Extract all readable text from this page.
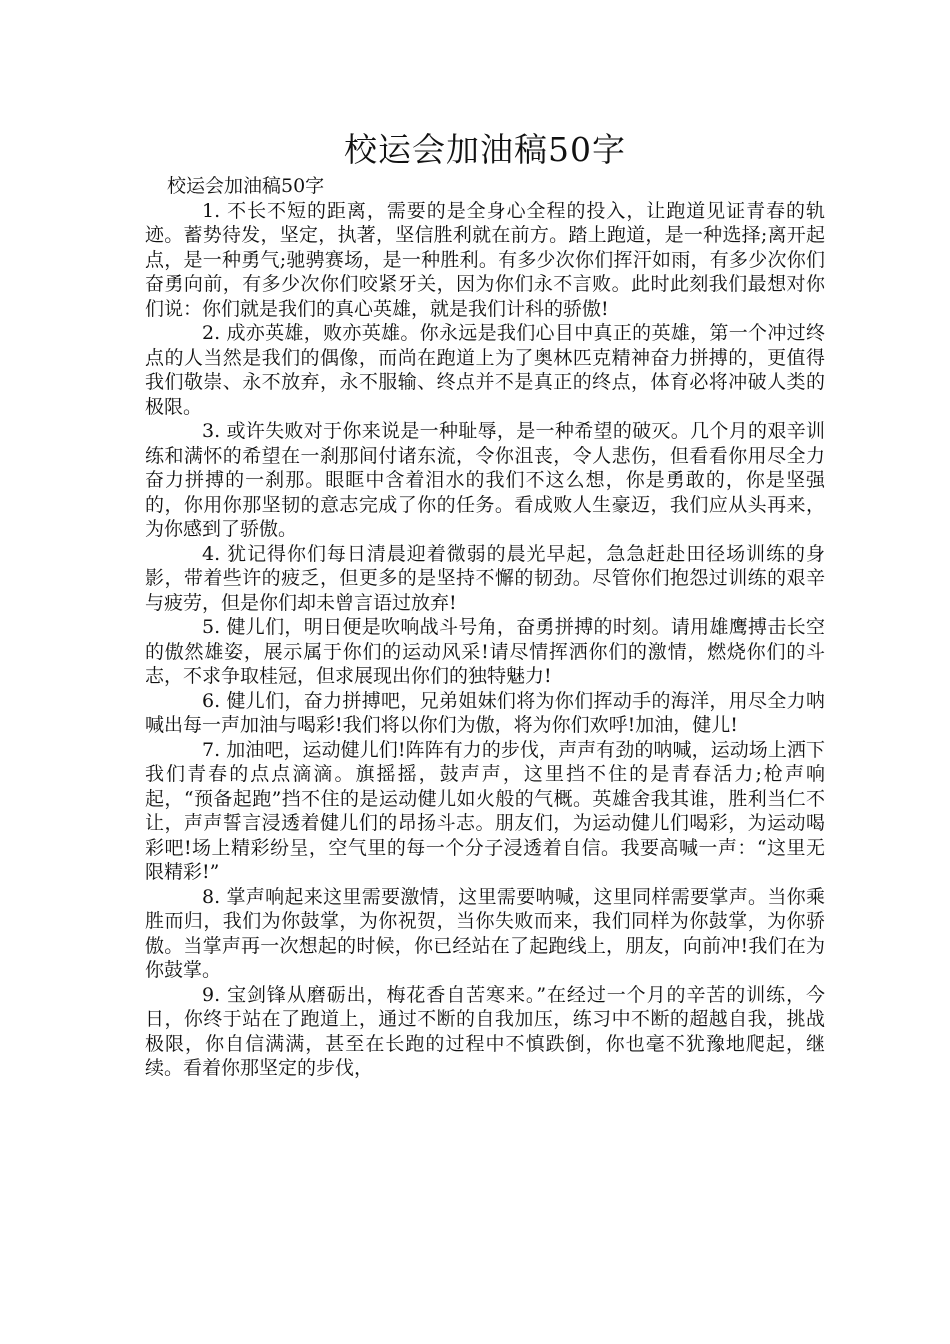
校运会加油稿50字

校运会加油稿50字

1. 不长不短的距离，需要的是全身心全程的投入，让跑道见证青春的轨迹。蓄势待发，坚定，执著，坚信胜利就在前方。踏上跑道，是一种选择;离开起点，是一种勇气;驰骋赛场，是一种胜利。有多少次你们挥汗如雨，有多少次你们奋勇向前，有多少次你们咬紧牙关，因为你们永不言败。此时此刻我们最想对你们说：你们就是我们的真心英雄，就是我们计科的骄傲!

2. 成亦英雄，败亦英雄。你永远是我们心目中真正的英雄，第一个冲过终点的人当然是我们的偶像，而尚在跑道上为了奥林匹克精神奋力拼搏的，更值得我们敬崇、永不放弃，永不服输、终点并不是真正的终点，体育必将冲破人类的极限。

3. 或许失败对于你来说是一种耻辱，是一种希望的破灭。几个月的艰辛训练和满怀的希望在一刹那间付诸东流，令你沮丧，令人悲伤，但看看你用尽全力奋力拼搏的一刹那。眼眶中含着泪水的我们不这么想，你是勇敢的，你是坚强的，你用你那坚韧的意志完成了你的任务。看成败人生豪迈，我们应从头再来，为你感到了骄傲。

4. 犹记得你们每日清晨迎着微弱的晨光早起，急急赶赴田径场训练的身影，带着些许的疲乏，但更多的是坚持不懈的韧劲。尽管你们抱怨过训练的艰辛与疲劳，但是你们却未曾言语过放弃!

5. 健儿们，明日便是吹响战斗号角，奋勇拼搏的时刻。请用雄鹰搏击长空的傲然雄姿，展示属于你们的运动风采!请尽情挥洒你们的激情，燃烧你们的斗志，不求争取桂冠，但求展现出你们的独特魅力!

6. 健儿们，奋力拼搏吧，兄弟姐妹们将为你们挥动手的海洋，用尽全力呐喊出每一声加油与喝彩!我们将以你们为傲，将为你们欢呼!加油，健儿!

7. 加油吧，运动健儿们!阵阵有力的步伐，声声有劲的呐喊，运动场上洒下我们青春的点点滴滴。旗摇摇，鼓声声，这里挡不住的是青春活力;枪声响起，“预备起跑”挡不住的是运动健儿如火般的气概。英雄舍我其谁，胜利当仁不让，声声誓言浸透着健儿们的昂扬斗志。朋友们，为运动健儿们喝彩，为运动喝彩吧!场上精彩纷呈，空气里的每一个分子浸透着自信。我要高喊一声：“这里无限精彩!”

8. 掌声响起来这里需要激情，这里需要呐喊，这里同样需要掌声。当你乘胜而归，我们为你鼓掌，为你祝贺，当你失败而来，我们同样为你鼓掌，为你骄傲。当掌声再一次想起的时候，你已经站在了起跑线上，朋友，向前冲!我们在为你鼓掌。

9. 宝剑锋从磨砺出，梅花香自苦寒来。”在经过一个月的辛苦的训练，今日，你终于站在了跑道上，通过不断的自我加压，练习中不断的超越自我，挑战极限，你自信满满，甚至在长跑的过程中不慎跌倒，你也毫不犹豫地爬起，继续。看着你那坚定的步伐，
